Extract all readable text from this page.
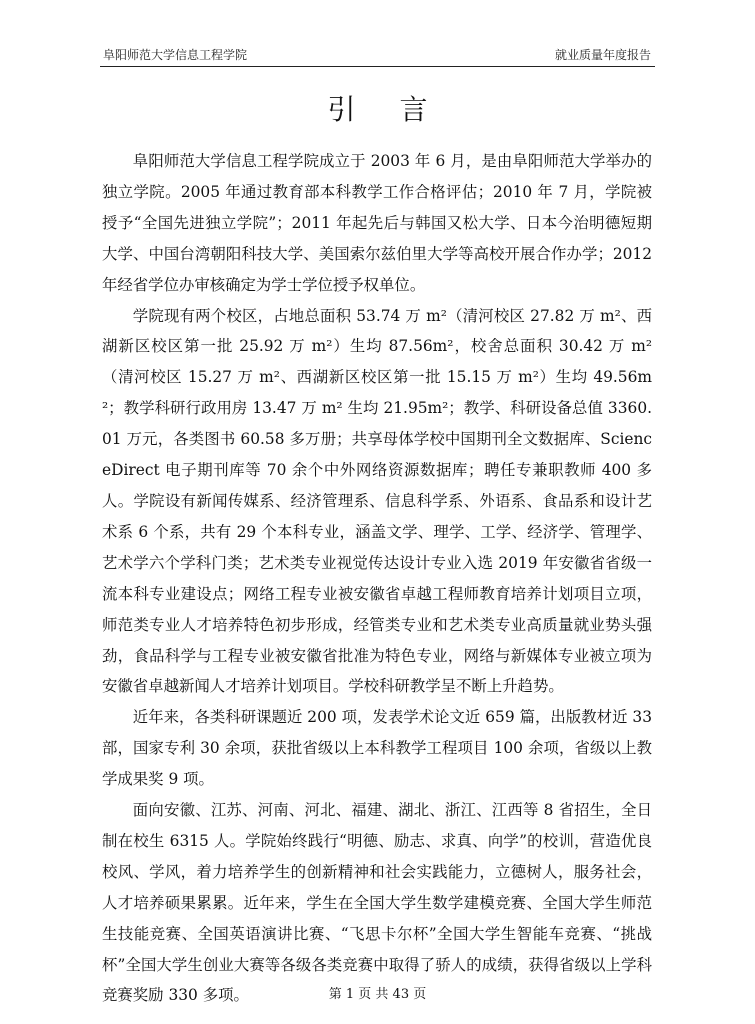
阜阳师范大学信息工程学院	就业质量年度报告
引言

阜阳师范大学信息工程学院成立于 2003 年 6 月，是由阜阳师范大学举办的独立学院。2005 年通过教育部本科教学工作合格评估；2010 年 7 月，学院被授予“全国先进独立学院”；2011 年起先后与韩国又松大学、日本今治明德短期大学、中国台湾朝阳科技大学、美国索尔兹伯里大学等高校开展合作办学；2012 年经省学位办审核确定为学士学位授予权单位。

学院现有两个校区，占地总面积 53.74 万 m²（清河校区 27.82 万 m²、西湖新区校区第一批 25.92 万 m²）生均 87.56m²，校舍总面积 30.42 万 m²（清河校区 15.27 万 m²、西湖新区校区第一批 15.15 万 m²）生均 49.56m²；教学科研行政用房 13.47 万 m² 生均 21.95m²；教学、科研设备总值 3360.01 万元，各类图书 60.58 多万册；共享母体学校中国期刊全文数据库、ScienceDirect 电子期刊库等 70 余个中外网络资源数据库；聘任专兼职教师 400 多人。学院设有新闻传媒系、经济管理系、信息科学系、外语系、食品系和设计艺术系 6 个系，共有 29 个本科专业，涵盖文学、理学、工学、经济学、管理学、艺术学六个学科门类；艺术类专业视觉传达设计专业入选 2019 年安徽省省级一流本科专业建设点；网络工程专业被安徽省卓越工程师教育培养计划项目立项，师范类专业人才培养特色初步形成，经管类专业和艺术类专业高质量就业势头强劲，食品科学与工程专业被安徽省批准为特色专业，网络与新媒体专业被立项为安徽省卓越新闻人才培养计划项目。学校科研教学呈不断上升趋势。

近年来，各类科研课题近 200 项，发表学术论文近 659 篇，出版教材近 33 部，国家专利 30 余项，获批省级以上本科教学工程项目 100 余项，省级以上教学成果奖 9 项。

面向安徽、江苏、河南、河北、福建、湖北、浙江、江西等 8 省招生，全日制在校生 6315 人。学院始终践行“明德、励志、求真、向学”的校训，营造优良校风、学风，着力培养学生的创新精神和社会实践能力，立德树人，服务社会，人才培养硕果累累。近年来，学生在全国大学生数学建模竞赛、全国大学生师范生技能竞赛、全国英语演讲比赛、“飞思卡尔杯”全国大学生智能车竞赛、“挑战杯”全国大学生创业大赛等各级各类竞赛中取得了骄人的成绩，获得省级以上学科竞赛奖励 330 多项。	第 1 页 共 43 页
